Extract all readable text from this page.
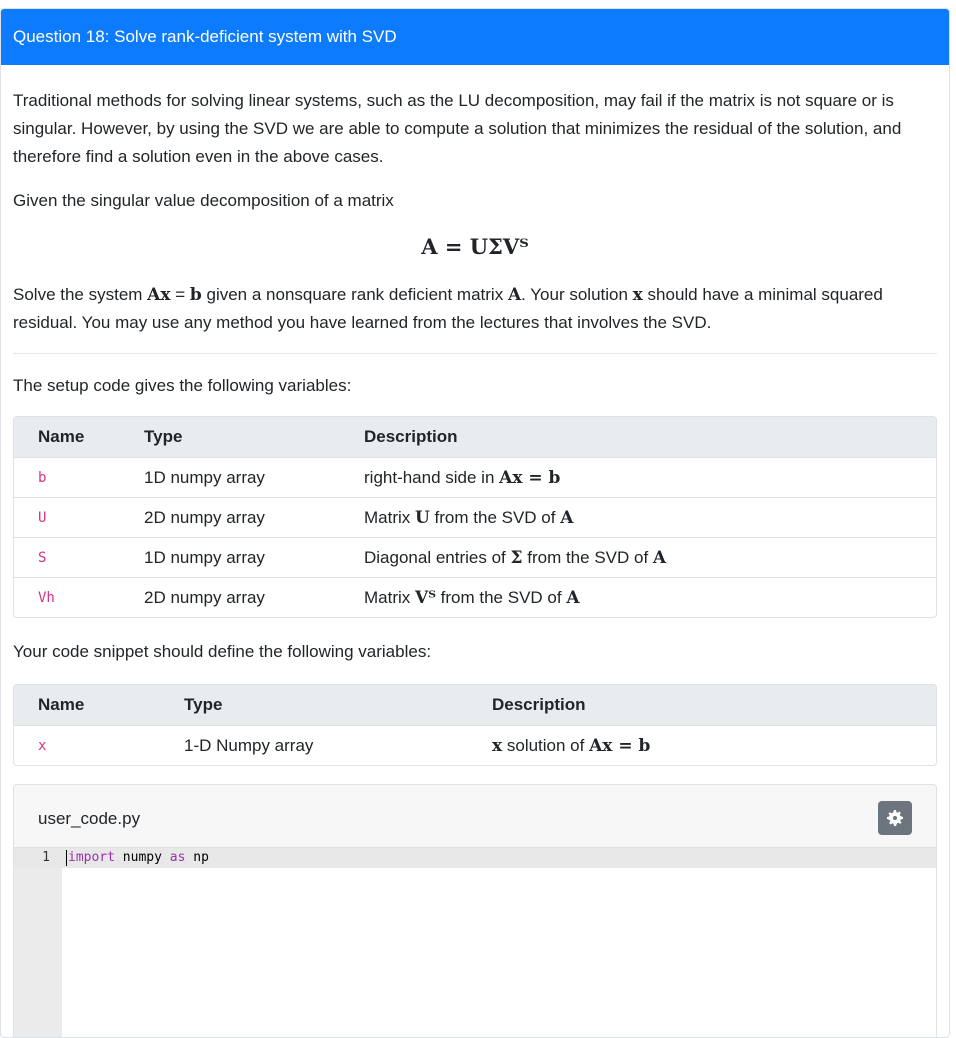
Question 18: Solve rank-deficient system with SVD

Traditional methods for solving linear systems, such as the LU decomposition, may fail if the matrix is not square or is singular. However, by using the SVD we are able to compute a solution that minimizes the residual of the solution, and therefore find a solution even in the above cases.

Given the singular value decomposition of a matrix

A = UΣVᵀ

Solve the system Ax = b given a nonsquare rank deficient matrix A. Your solution x should have a minimal squared residual. You may use any method you have learned from the lectures that involves the SVD.

The setup code gives the following variables:

Name	Type	Description
b	1D numpy array	right-hand side in Ax = b
U	2D numpy array	Matrix U from the SVD of A
S	1D numpy array	Diagonal entries of Σ from the SVD of A
Vh	2D numpy array	Matrix Vᵀ from the SVD of A

Your code snippet should define the following variables:

Name	Type	Description
x	1-D Numpy array	x solution of Ax = b
user_code.py
1 import numpy as np
